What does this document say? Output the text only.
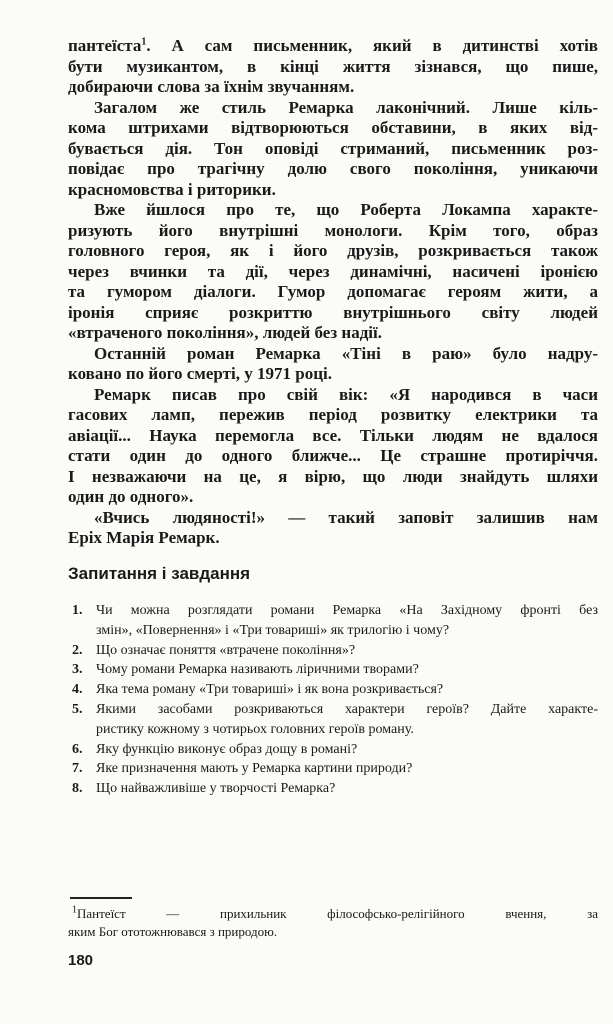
пантеїста$^1$. А сам письменник, який в дитинстві хотів
бути музикантом, в кінці життя зізнався, що пише,
добираючи слова за їхнім звучанням.
Загалом же стиль Ремарка лаконічний. Лише кіль-
кома штрихами відтворюються обставини, в яких від-
бувається дія. Тон оповіді стриманий, письменник роз-
повідає про трагічну долю свого покоління, уникаючи
красномовства і риторики.
Вже йшлося про те, що Роберта Локампа характе-
ризують його внутрішні монологи. Крім того, образ
головного героя, як і його друзів, розкривається також
через вчинки та дії, через динамічні, насичені іронією
та гумором діалоги. Гумор допомагає героям жити, а
іронія сприяє розкриттю внутрішнього світу людей
«втраченого покоління», людей без надії.
Останній роман Ремарка «Тіні в раю» було надру-
ковано по його смерті, у 1971 році.
Ремарк писав про свій вік: «Я народився в часи
гасових ламп, пережив період розвитку електрики та
авіації... Наука перемогла все. Тільки людям не вдалося
стати один до одного ближче... Це страшне протиріччя.
І незважаючи на це, я вірю, що люди знайдуть шляхи
один до одного».
«Вчись людяності!» — такий заповіт залишив нам
Еріх Марія Ремарк.
Запитання і завдання
1. Чи можна розглядати романи Ремарка «На Західному фронті без
змін», «Повернення» і «Три товариші» як трилогію і чому?
2. Що означає поняття «втрачене покоління»?
3. Чому романи Ремарка називають ліричними творами?
4. Яка тема роману «Три товариші» і як вона розкривається?
5. Якими засобами розкриваються характери героїв? Дайте характе-
ристику кожному з чотирьох головних героїв роману.
6. Яку функцію виконує образ дощу в романі?
7. Яке призначення мають у Ремарка картини природи?
8. Що найважливіше у творчості Ремарка?
$^1$Пантеїст — прихильник філософсько-релігійного вчення, за
яким Бог ототожнювався з природою.
180
